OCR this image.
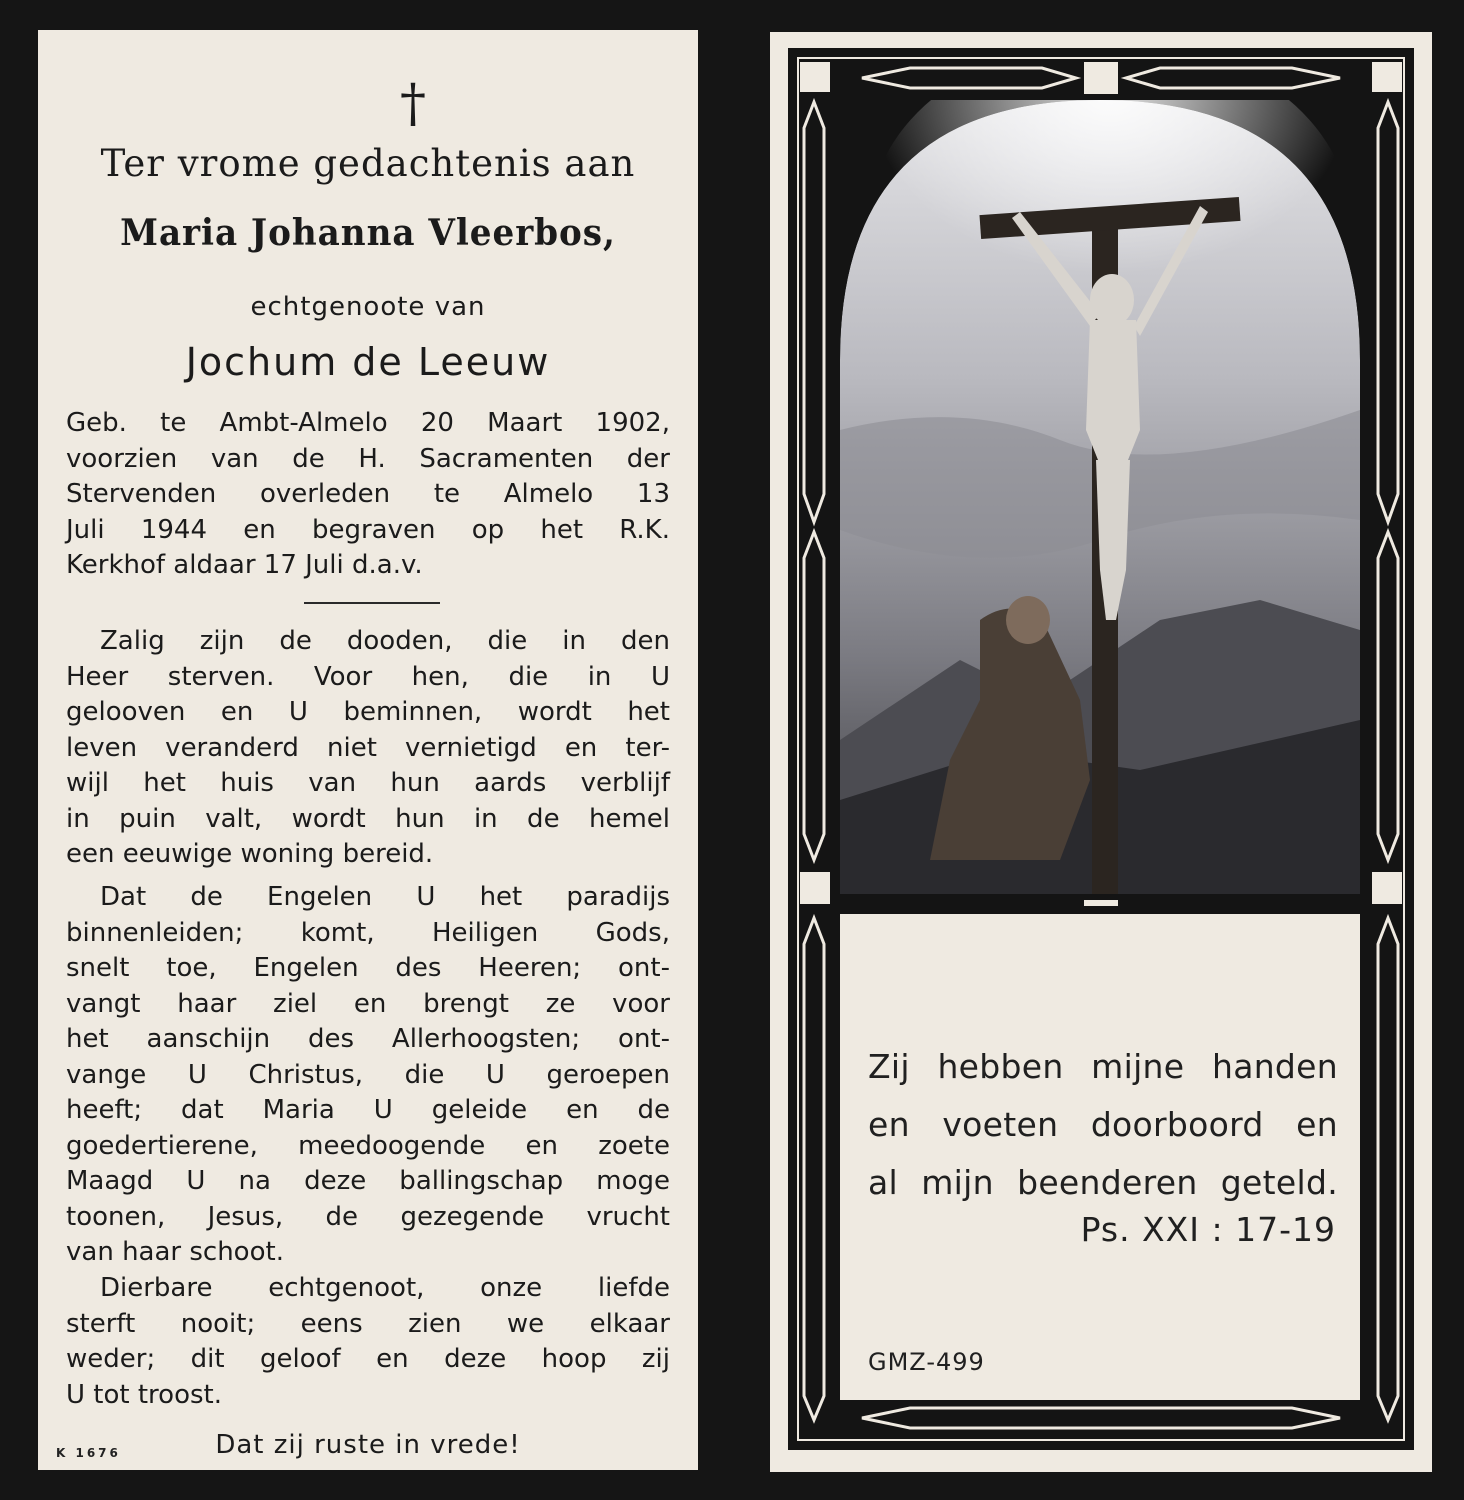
†
Ter vrome gedachtenis aan
Maria Johanna Vleerbos,
echtgenoote van
Jochum de Leeuw
Geb. te Ambt-Almelo 20 Maart 1902,
voorzien van de H. Sacramenten der
Stervenden overleden te Almelo 13
Juli 1944 en begraven op het R.K.
Kerkhof aldaar 17 Juli d.a.v.
Zalig zijn de dooden, die in den
Heer sterven. Voor hen, die in U
gelooven en U beminnen, wordt het
leven veranderd niet vernietigd en ter-
wijl het huis van hun aards verblijf
in puin valt, wordt hun in de hemel
een eeuwige woning bereid.
Dat de Engelen U het paradijs
binnenleiden; komt, Heiligen Gods,
snelt toe, Engelen des Heeren; ont-
vangt haar ziel en brengt ze voor
het aanschijn des Allerhoogsten; ont-
vange U Christus, die U geroepen
heeft; dat Maria U geleide en de
goedertierene, meedoogende en zoete
Maagd U na deze ballingschap moge
toonen, Jesus, de gezegende vrucht
van haar schoot.
Dierbare echtgenoot, onze liefde
sterft nooit; eens zien we elkaar
weder; dit geloof en deze hoop zij
U tot troost.
Dat zij ruste in vrede!
K 1676
Zij hebben mijne handen
en voeten doorboord en
al mijn beenderen geteld.
Ps. XXI : 17-19
GMZ-499
